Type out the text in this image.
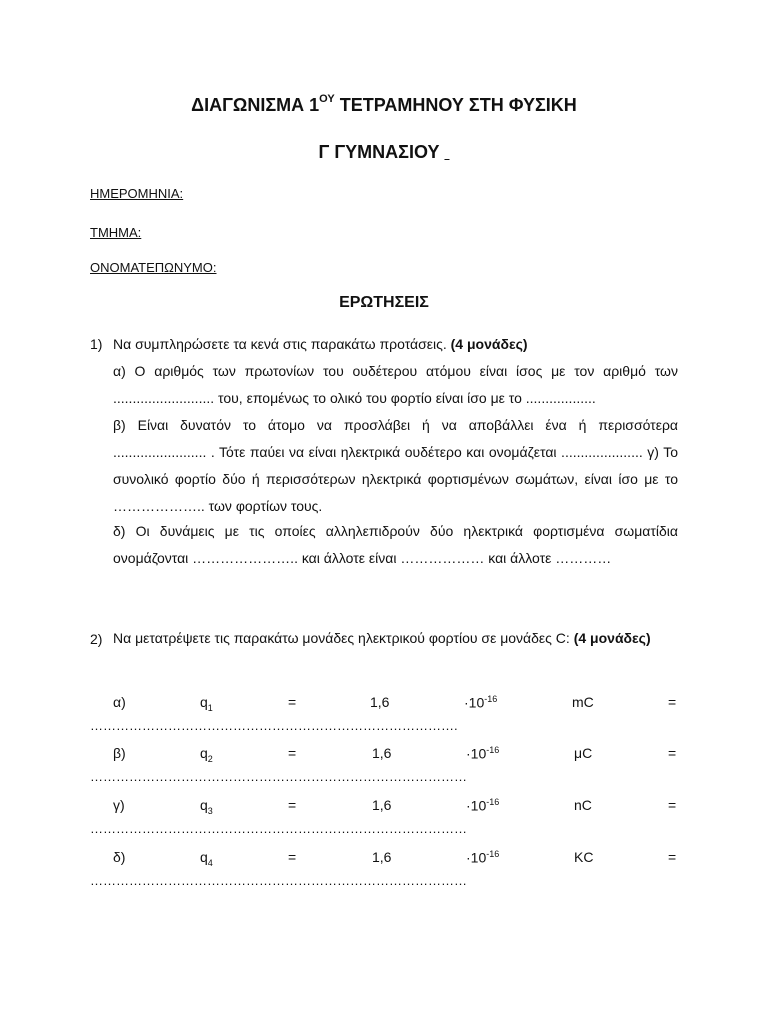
ΔΙΑΓΩΝΙΣΜΑ $1^{O\Upsilon}$ ΤΕΤΡΑΜΗΝΟΥ ΣΤΗ ΦΥΣΙΚΗ
Γ ΓΥΜΝΑΣΙΟΥ
ΗΜΕΡΟΜΗΝΙΑ:
ΤΜΗΜΑ:
ΟΝΟΜΑΤΕΠΩΝΥΜΟ:
ΕΡΩΤΗΣΕΙΣ
1) Να συμπληρώσετε τα κενά στις παρακάτω προτάσεις. (4 μονάδες)
α) Ο αριθμός των πρωτονίων του ουδέτερου ατόμου είναι ίσος με τον αριθμό των .......................... του, επομένως το ολικό του φορτίο είναι ίσο με το ..................
β) Είναι δυνατόν το άτομο να προσλάβει ή να αποβάλλει ένα ή περισσότερα ........................ . Τότε παύει να είναι ηλεκτρικά ουδέτερο και ονομάζεται ..................... γ) Το συνολικό φορτίο δύο ή περισσότερων ηλεκτρικά φορτισμένων σωμάτων, είναι ίσο με το ……………….. των φορτίων τους.
δ) Οι δυνάμεις με τις οποίες αλληλεπιδρούν δύο ηλεκτρικά φορτισμένα σωματίδια ονομάζονται ………………….. και άλλοτε είναι ……………… και άλλοτε …………
2) Να μετατρέψετε τις παρακάτω μονάδες ηλεκτρικού φορτίου σε μονάδες C: (4 μονάδες)
α)	$q_1$	=	1,6	$\cdot 10^{-16}$	mC	=
………………………………………………………………………….
β)	$q_2$	=	1,6	$\cdot 10^{-16}$	μC	=
……………………………………………………………………………
γ)	$q_3$	=	1,6	$\cdot 10^{-16}$	nC	=
……………………………………………………………………………
δ)	$q_4$	=	1,6	$\cdot 10^{-16}$	KC	=
……………………………………………………………………………
